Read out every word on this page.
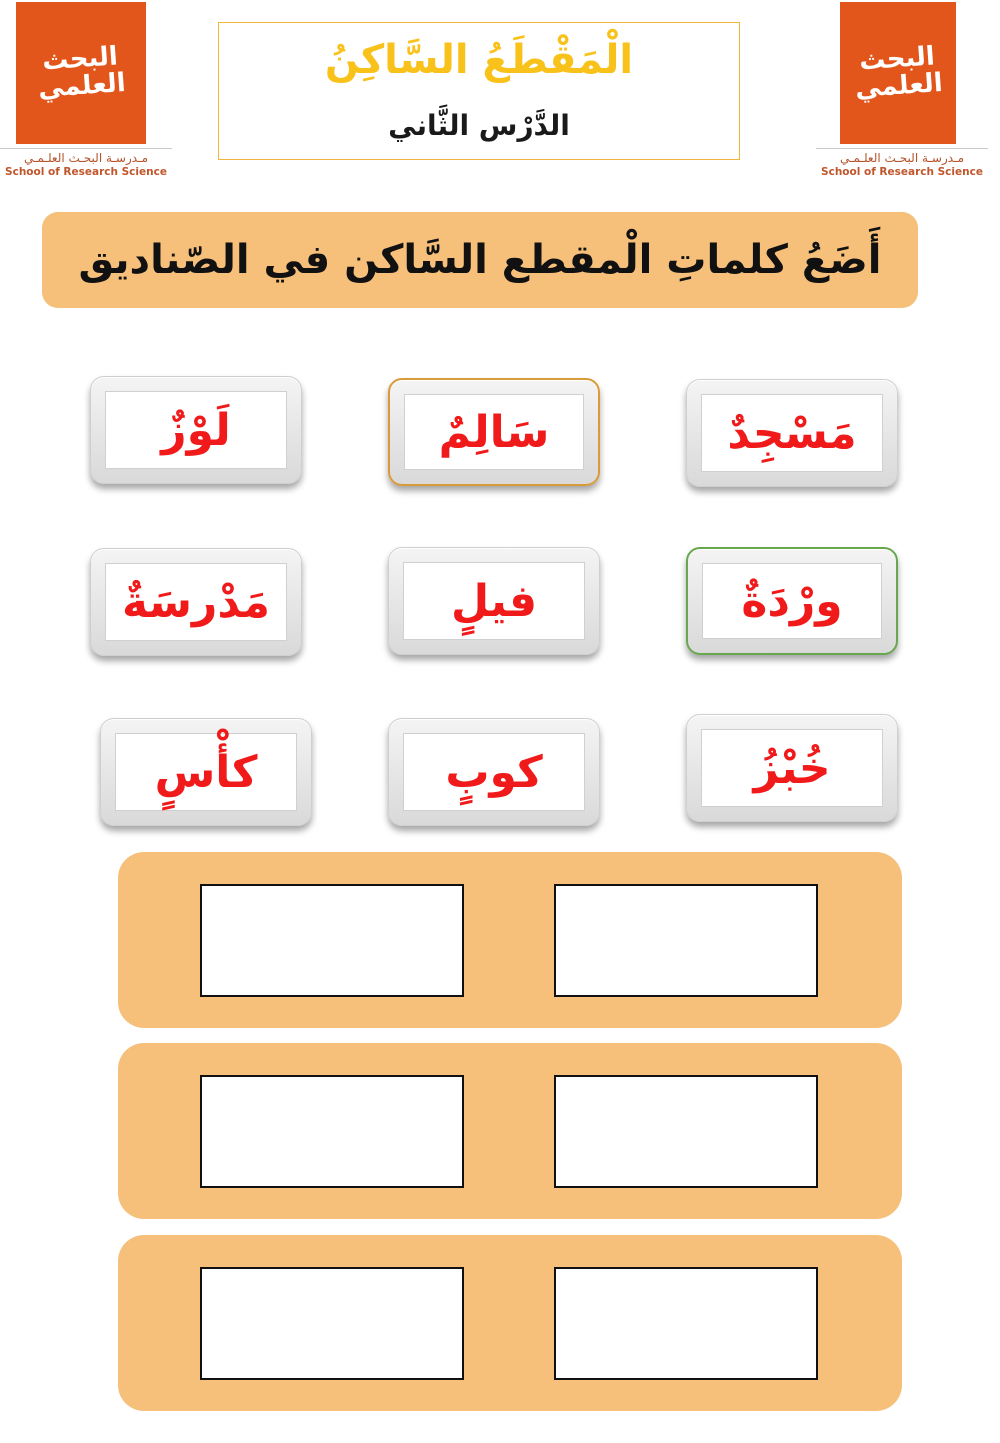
البحث العلمي
مـدرسـة البحـث العلـمـي
School of Research Science
الْمَقْطَعُ السَّاكِنُ
الدَّرْس الثَّاني
البحث العلمي
مـدرسـة البحـث العلـمـي
School of Research Science
أَضَعُ كلماتِ الْمقطع السَّاكن في الصّناديق
مَسْجِدٌ
سَالِمٌ
لَوْزٌ
ورْدَةٌ
فيلٍ
مَدْرسَةٌ
خُبْزُ
كوبٍ
كأْسٍ
